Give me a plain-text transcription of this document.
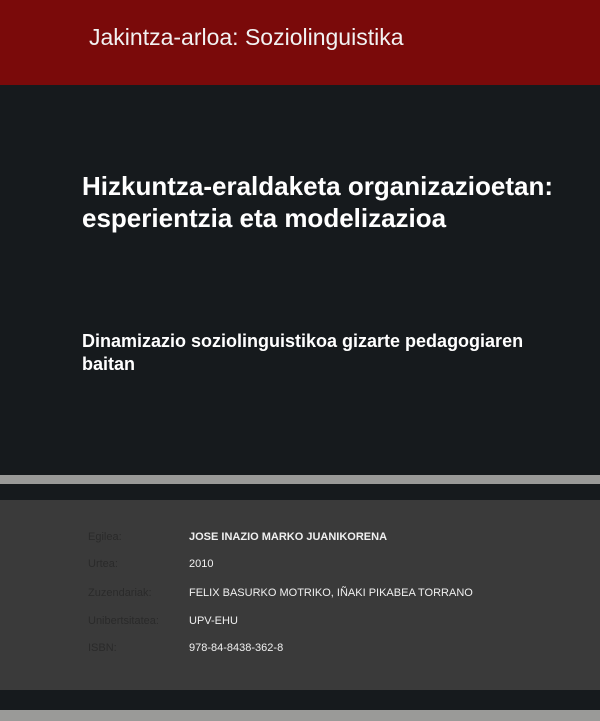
Jakintza-arloa: Soziolinguistika
Hizkuntza-eraldaketa organizazioetan: esperientzia eta modelizazioa
Dinamizazio soziolinguistikoa gizarte pedagogiaren baitan
Egilea:	JOSE INAZIO MARKO JUANIKORENA
Urtea:	2010
Zuzendariak:	FELIX BASURKO MOTRIKO, IÑAKI PIKABEA TORRANO
Unibertsitatea:	UPV-EHU
ISBN:	978-84-8438-362-8
